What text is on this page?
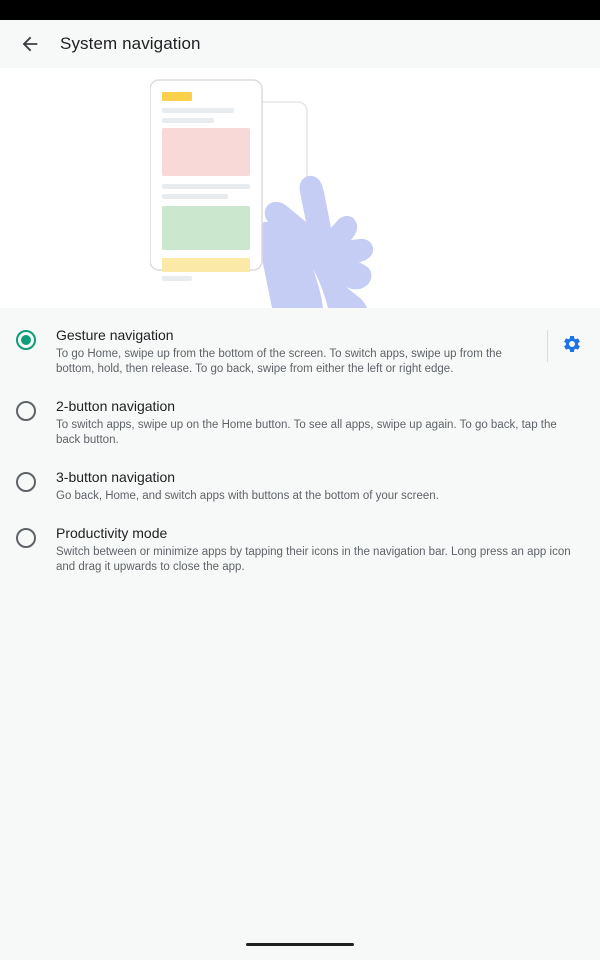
System navigation
Gesture navigation
To go Home, swipe up from the bottom of the screen. To switch apps, swipe up from the bottom, hold, then release. To go back, swipe from either the left or right edge.
2-button navigation
To switch apps, swipe up on the Home button. To see all apps, swipe up again. To go back, tap the back button.
3-button navigation
Go back, Home, and switch apps with buttons at the bottom of your screen.
Productivity mode
Switch between or minimize apps by tapping their icons in the navigation bar. Long press an app icon and drag it upwards to close the app.
